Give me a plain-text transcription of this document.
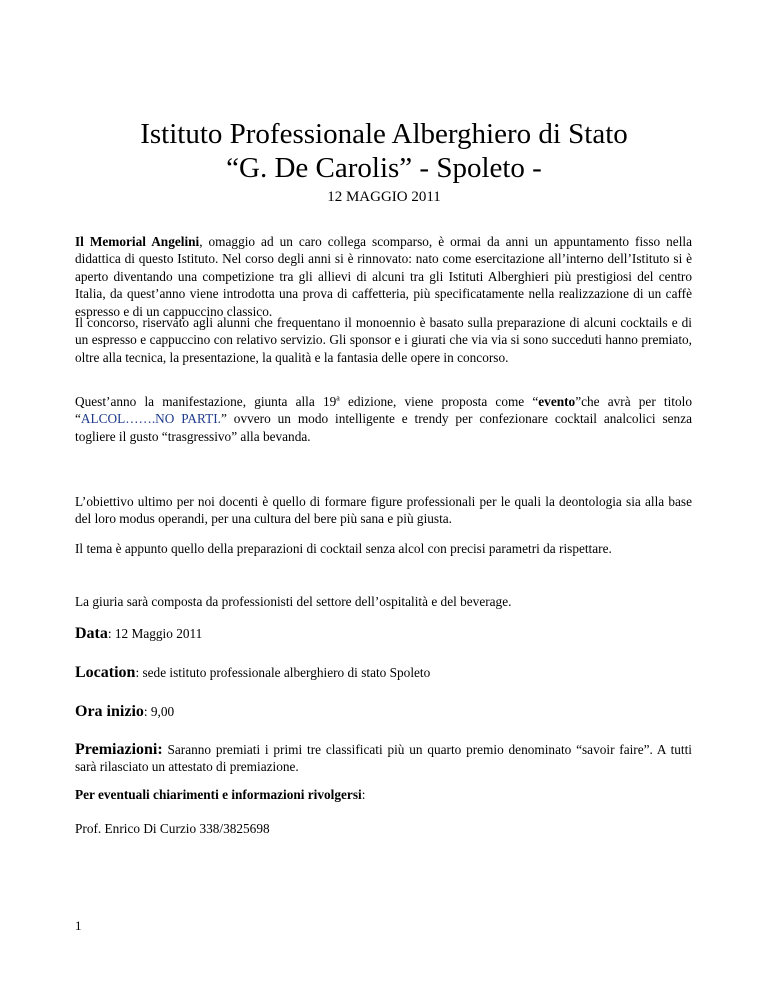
Istituto Professionale Alberghiero di Stato
“G. De Carolis” - Spoleto -
12 MAGGIO 2011

Il Memorial Angelini, omaggio ad un caro collega scomparso, è ormai da anni un appuntamento fisso nella didattica di questo Istituto. Nel corso degli anni si è rinnovato: nato come esercitazione all’interno dell’Istituto si è aperto diventando una competizione tra gli allievi di alcuni tra gli Istituti Alberghieri più prestigiosi del centro Italia, da quest’anno viene introdotta una prova di caffetteria, più specificatamente nella realizzazione di un caffè espresso e di un cappuccino classico.

Il concorso, riservato agli alunni che frequentano il monoennio è basato sulla preparazione di alcuni cocktails e di un espresso e cappuccino con relativo servizio. Gli sponsor e i giurati che via via si sono succeduti hanno premiato, oltre alla tecnica, la presentazione, la qualità e la fantasia delle opere in concorso.

Quest’anno la manifestazione, giunta alla 19$^a$ edizione, viene proposta come “evento”che avrà per titolo “ALCOL…….NO PARTI.” ovvero un modo intelligente e trendy per confezionare cocktail analcolici senza togliere il gusto “trasgressivo” alla bevanda.

L’obiettivo ultimo per noi docenti è quello di formare figure professionali per le quali la deontologia sia alla base del loro modus operandi, per una cultura del bere più sana e più giusta.

Il tema è appunto quello della preparazioni di cocktail senza alcol con precisi parametri da rispettare.

La giuria sarà composta da professionisti del settore dell’ospitalità e del beverage.

Data: 12 Maggio 2011

Location: sede istituto professionale alberghiero di stato Spoleto

Ora inizio: 9,00

Premiazioni: Saranno premiati i primi tre classificati più un quarto premio denominato “savoir faire”. A tutti sarà rilasciato un attestato di premiazione.

Per eventuali chiarimenti e informazioni rivolgersi:

Prof. Enrico Di Curzio 338/3825698

1
